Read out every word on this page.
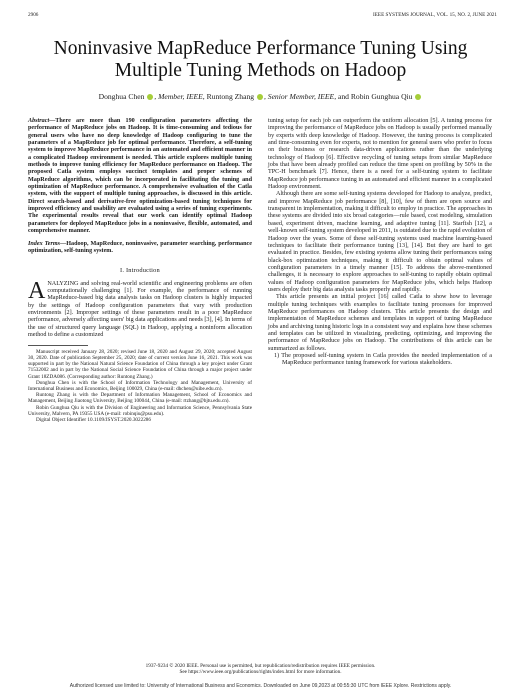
2906	IEEE SYSTEMS JOURNAL, VOL. 15, NO. 2, JUNE 2021
Noninvasive MapReduce Performance Tuning Using Multiple Tuning Methods on Hadoop
Donghua Chen , Member, IEEE, Runtong Zhang , Senior Member, IEEE, and Robin Gunghua Qiu

Abstract—There are more than 190 configuration parameters affecting the performance of MapReduce jobs on Hadoop. It is time-consuming and tedious for general users who have no deep knowledge of Hadoop configuring to tune the parameters of a MapReduce job for optimal performance. Therefore, a self-tuning system to improve MapReduce performance in an automated and efficient manner in a complicated Hadoop environment is needed. This article explores multiple tuning methods to improve tuning efficiency for MapReduce performance on Hadoop. The proposed Catla system employs succinct templates and proper schemes of MapReduce algorithms, which can be incorporated in facilitating the tuning and optimization of MapReduce performance. A comprehensive evaluation of the Catla system, with the support of multiple tuning approaches, is discussed in this article. Direct search-based and derivative-free optimization-based tuning techniques for improved efficiency and usability are evaluated using a series of tuning experiments. The experimental results reveal that our work can identify optimal Hadoop parameters for deployed MapReduce jobs in a noninvasive, flexible, automated, and comprehensive manner.

Index Terms—Hadoop, MapReduce, noninvasive, parameter searching, performance optimization, self-tuning system.

I. Introduction

ANALYZING and solving real-world scientific and engineering problems are often computationally challenging [1]. For example, the performance of running MapReduce-based big data analysis tasks on Hadoop clusters is highly impacted by the settings of Hadoop configuration parameters that vary with production environments [2]. Improper settings of these parameters result in a poor MapReduce performance, adversely affecting users' big data applications and needs [3], [4]. In terms of the use of structured query language (SQL) in Hadoop, applying a noninform allocation method to define a customized

Manuscript received January 28, 2020; revised June 18, 2020 and August 29, 2020; accepted August 30, 2020. Date of publication September 25, 2020; date of current version June 16, 2021. This work was supported in part by the National Natural Science Foundation of China through a key project under Grant 71532002 and in part by the National Social Science Foundation of China through a major project under Grant 18ZDA086. (Corresponding author: Runtong Zhang.)

Donghua Chen is with the School of Information Technology and Management, University of International Business and Economics, Beijing 100029, China (e-mail: dhchen@uibe.edu.cn).

Runtong Zhang is with the Department of Information Management, School of Economics and Management, Beijing Jiaotong University, Beijing 100044, China (e-mail: rtzhang@bjtu.edu.cn).

Robin Gunghua Qiu is with the Division of Engineering and Information Science, Pennsylvania State University, Malvern, PA 19355 USA (e-mail: robinqiu@psu.edu).

Digital Object Identifier 10.1109/JSYST.2020.3022286

tuning setup for each job can outperform the uniform allocation [5]. A tuning process for improving the performance of MapReduce jobs on Hadoop is usually performed manually by experts with deep knowledge of Hadoop. However, the tuning process is complicated and time-consuming even for experts, not to mention for general users who prefer to focus on their business or research data-driven applications rather than the underlying technology of Hadoop [6]. Effective recycling of tuning setups from similar MapReduce jobs that have been already profiled can reduce the time spent on profiling by 50% in the TPC-H benchmark [7]. Hence, there is a need for a self-tuning system to facilitate MapReduce job performance tuning in an automated and efficient manner in a complicated Hadoop environment.

Although there are some self-tuning systems developed for Hadoop to analyze, predict, and improve MapReduce job performance [8], [10], few of them are open source and transparent in implementation, making it difficult to employ in practice. The approaches in these systems are divided into six broad categories—rule based, cost modeling, simulation based, experiment driven, machine learning, and adaptive tuning [11]. Starfish [12], a well-known self-tuning system developed in 2011, is outdated due to the rapid evolution of Hadoop over the years. Some of these self-tuning systems used machine learning-based techniques to facilitate their performance tuning [13], [14]. But they are hard to get evaluated in practice. Besides, few existing systems allow tuning their performances using black-box optimization techniques, making it difficult to obtain optimal values of configuration parameters in a timely manner [15]. To address the above-mentioned challenges, it is necessary to explore approaches to self-tuning to rapidly obtain optimal values of Hadoop configuration parameters for MapReduce jobs, which helps Hadoop users deploy their big data analysis tasks properly and rapidly.

This article presents an initial project [16] called Catla to show how to leverage multiple tuning techniques with examples to facilitate tuning processes for improved MapReduce performances on Hadoop clusters. This article presents the design and implementation of MapReduce schemes and templates in support of tuning MapReduce jobs and archiving tuning historic logs in a consistent way and explains how these schemes and templates can be utilized in visualizing, predicting, optimizing, and improving the performance of MapReduce jobs on Hadoop. The contributions of this article can be summarized as follows.

1) The proposed self-tuning system in Catla provides the needed implementation of a MapReduce performance tuning framework for various stakeholders.

1937-9234 © 2020 IEEE. Personal use is permitted, but republication/redistribution requires IEEE permission.
See https://www.ieee.org/publications/rights/index.html for more information.
Authorized licensed use limited to: University of International Business and Economics. Downloaded on June 09,2023 at 00:55:30 UTC from IEEE Xplore. Restrictions apply.
